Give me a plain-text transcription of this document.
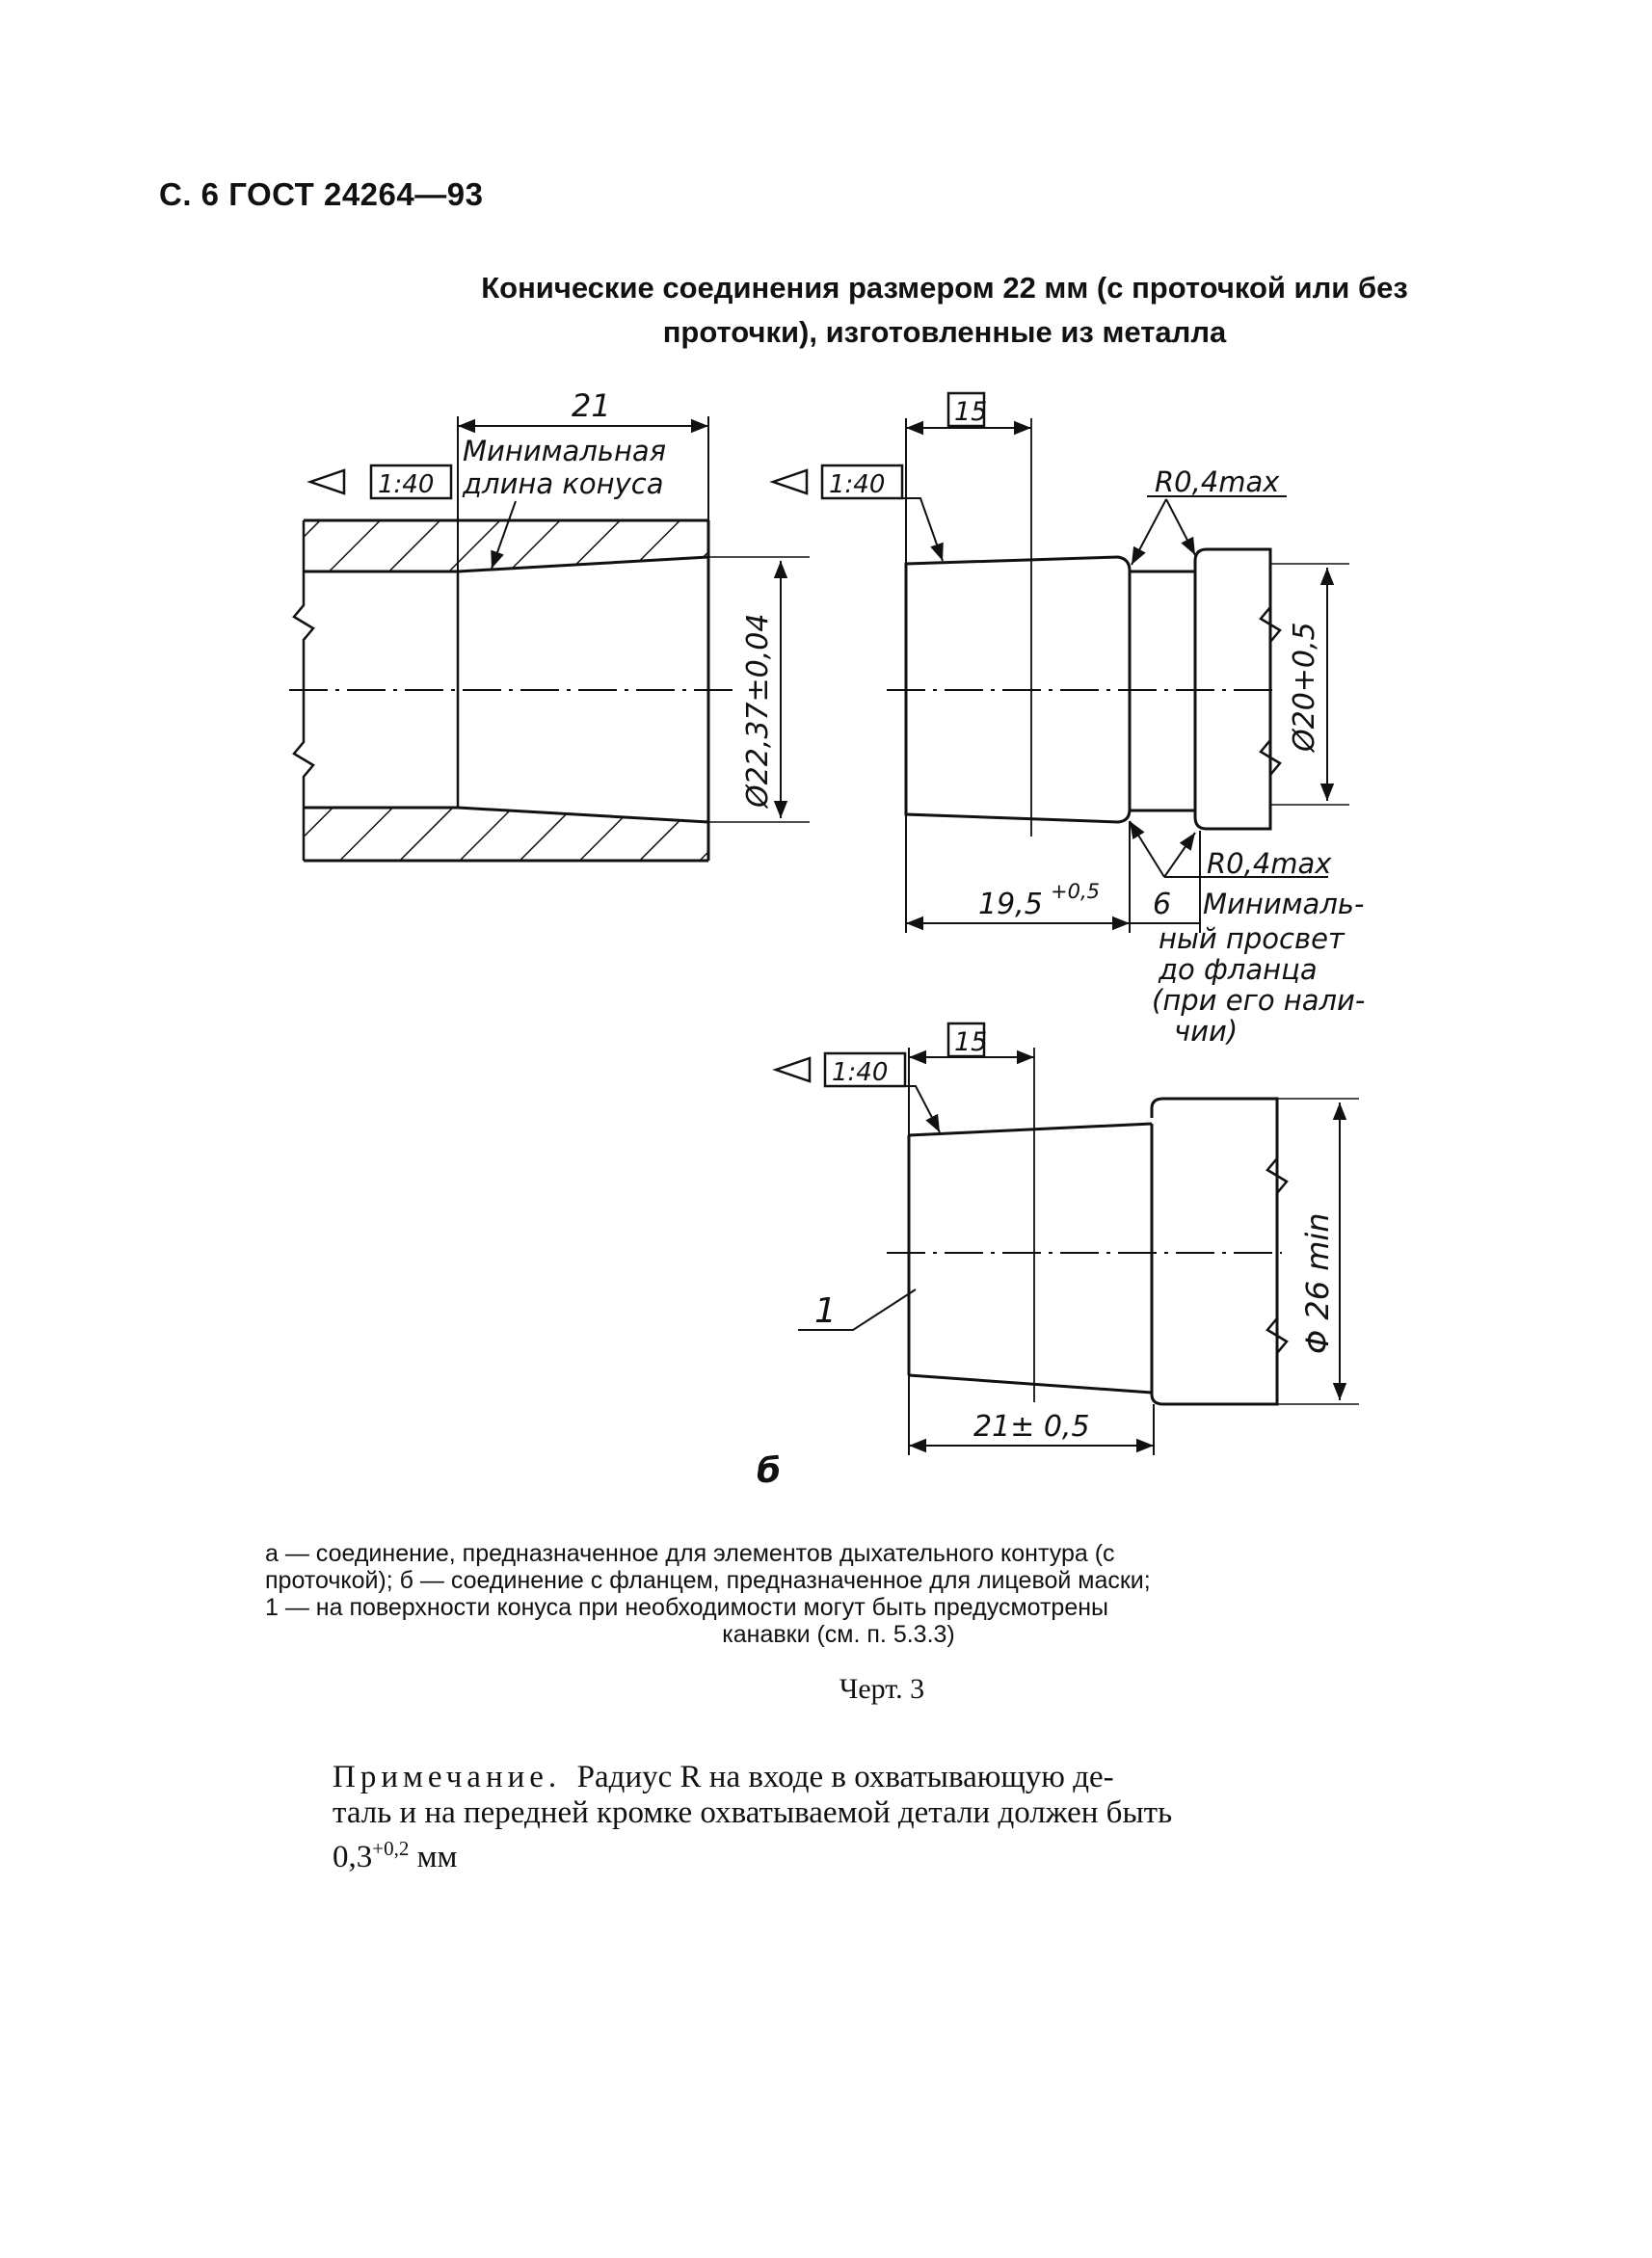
С. 6 ГОСТ 24264—93
Конические соединения размером 22 мм (с проточкой или без
проточки), изготовленные из металла
21
Минимальная
длина конуса
1:40
Ø22,37±0,04
15
1:40	R0,4max
Ø20+0,5
R0,4max
19,5 +0,5 6 Минималь-
ный просвет
до фланца
(при его нали-
чии)
15
1:40
1
21± 0,5
Φ 26 min
б
а — соединение, предназначенное для элементов дыхательного контура (с
проточкой); б — соединение с фланцем, предназначенное для лицевой маски;
1 — на поверхности конуса при необходимости могут быть предусмотрены
канавки (см. п. 5.3.3)
Черт. 3
Примечание. Радиус R на входе в охватывающую де-
таль и на передней кромке охватываемой детали должен быть
$0,3^{+0,2}$ мм
